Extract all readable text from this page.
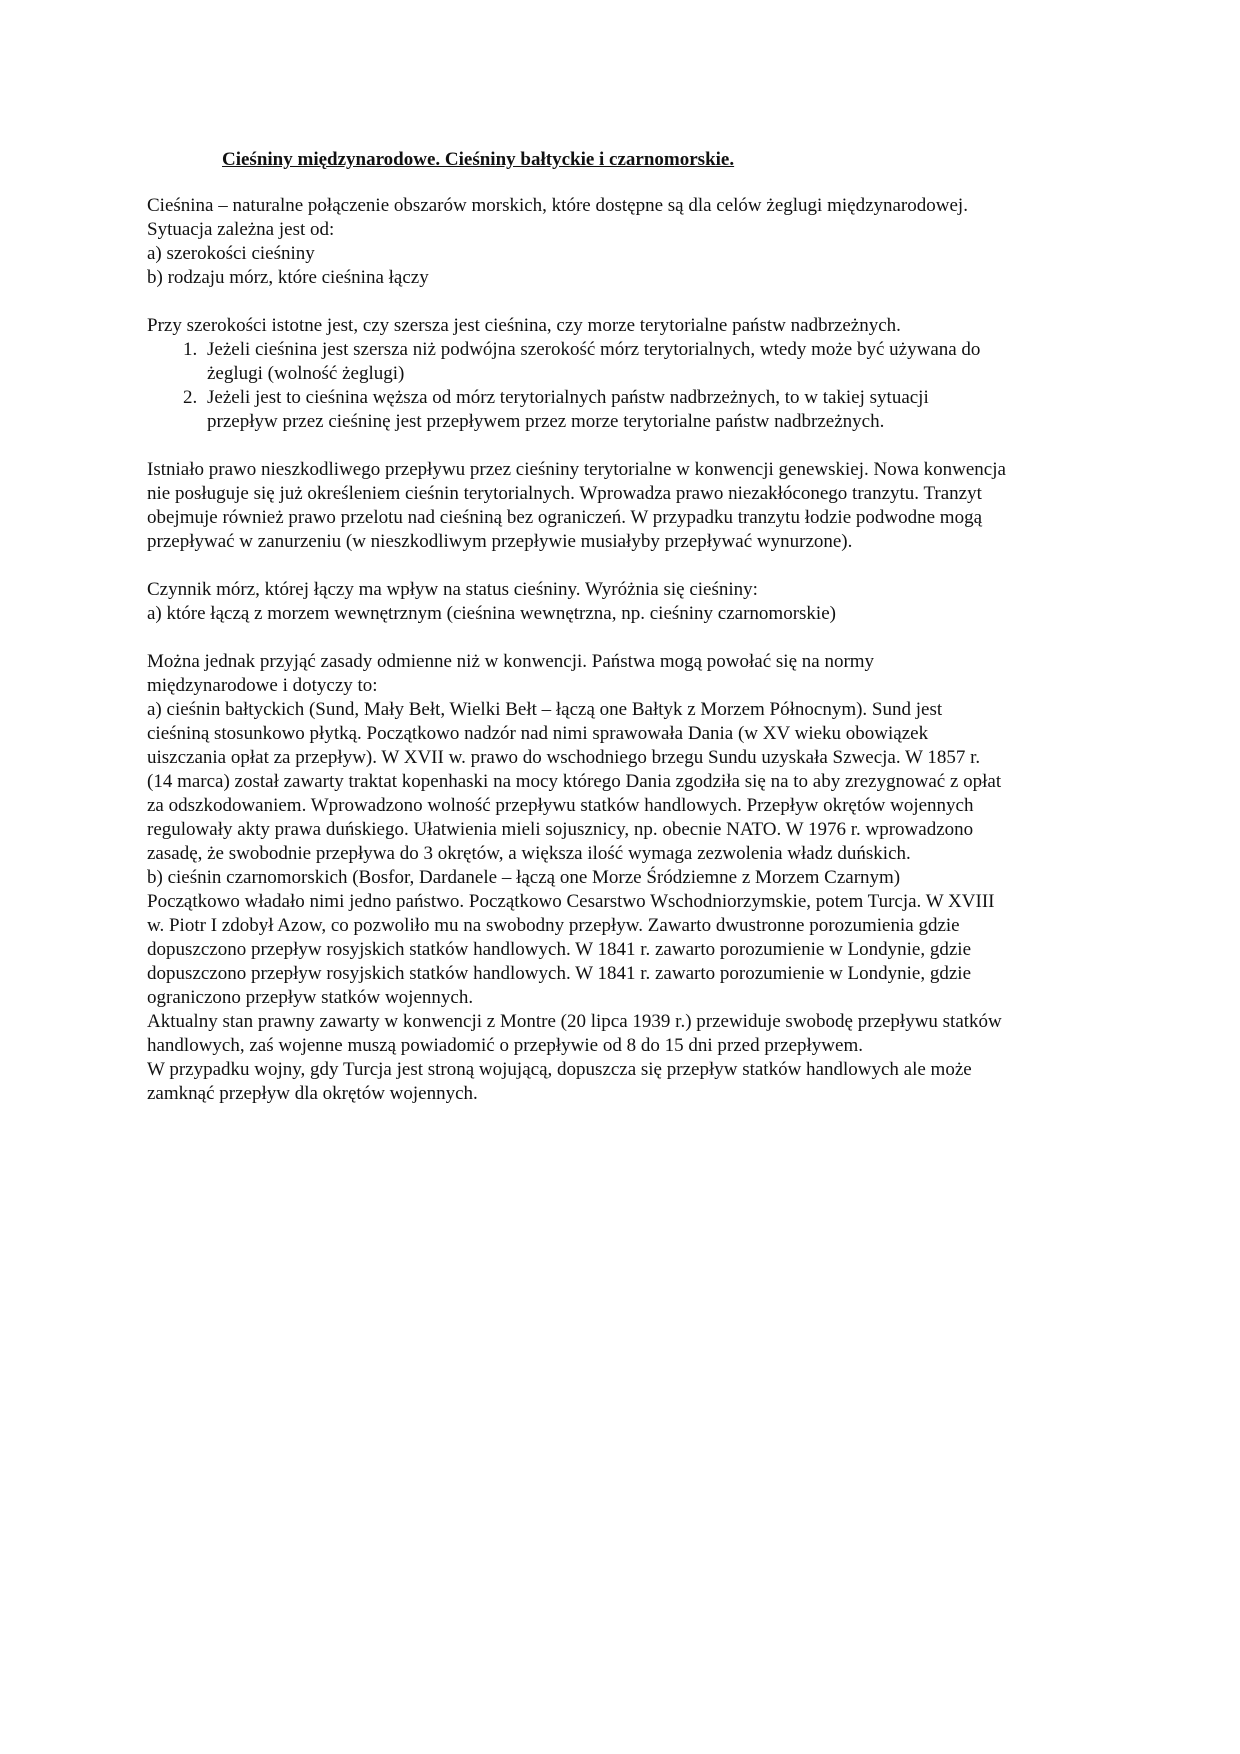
Cieśniny międzynarodowe. Cieśniny bałtyckie i czarnomorskie.
Cieśnina – naturalne połączenie obszarów morskich, które dostępne są dla celów żeglugi międzynarodowej.
Sytuacja zależna jest od:
a) szerokości cieśniny
b) rodzaju mórz, które cieśnina łączy
Przy szerokości istotne jest, czy szersza jest cieśnina, czy morze terytorialne państw nadbrzeżnych.
1. Jeżeli cieśnina jest szersza niż podwójna szerokość mórz terytorialnych, wtedy może być używana do
żeglugi (wolność żeglugi)
2. Jeżeli jest to cieśnina węższa od mórz terytorialnych państw nadbrzeżnych, to w takiej sytuacji
przepływ przez cieśninę jest przepływem przez morze terytorialne państw nadbrzeżnych.
Istniało prawo nieszkodliwego przepływu przez cieśniny terytorialne w konwencji genewskiej. Nowa konwencja
nie posługuje się już określeniem cieśnin terytorialnych. Wprowadza prawo niezakłóconego tranzytu. Tranzyt
obejmuje również prawo przelotu nad cieśniną bez ograniczeń. W przypadku tranzytu łodzie podwodne mogą
przepływać w zanurzeniu (w nieszkodliwym przepływie musiałyby przepływać wynurzone).
Czynnik mórz, której łączy ma wpływ na status cieśniny. Wyróżnia się cieśniny:
a) które łączą z morzem wewnętrznym (cieśnina wewnętrzna, np. cieśniny czarnomorskie)
Można jednak przyjąć zasady odmienne niż w konwencji. Państwa mogą powołać się na normy
międzynarodowe i dotyczy to:
a) cieśnin bałtyckich (Sund, Mały Bełt, Wielki Bełt – łączą one Bałtyk z Morzem Północnym). Sund jest
cieśniną stosunkowo płytką. Początkowo nadzór nad nimi sprawowała Dania (w XV wieku obowiązek
uiszczania opłat za przepływ). W XVII w. prawo do wschodniego brzegu Sundu uzyskała Szwecja. W 1857 r.
(14 marca) został zawarty traktat kopenhaski na mocy którego Dania zgodziła się na to aby zrezygnować z opłat
za odszkodowaniem. Wprowadzono wolność przepływu statków handlowych. Przepływ okrętów wojennych
regulowały akty prawa duńskiego. Ułatwienia mieli sojusznicy, np. obecnie NATO. W 1976 r. wprowadzono
zasadę, że swobodnie przepływa do 3 okrętów, a większa ilość wymaga zezwolenia władz duńskich.
b) cieśnin czarnomorskich (Bosfor, Dardanele – łączą one Morze Śródziemne z Morzem Czarnym)
Początkowo władało nimi jedno państwo. Początkowo Cesarstwo Wschodniorzymskie, potem Turcja. W XVIII
w. Piotr I zdobył Azow, co pozwoliło mu na swobodny przepływ. Zawarto dwustronne porozumienia gdzie
dopuszczono przepływ rosyjskich statków handlowych. W 1841 r. zawarto porozumienie w Londynie, gdzie
dopuszczono przepływ rosyjskich statków handlowych. W 1841 r. zawarto porozumienie w Londynie, gdzie
ograniczono przepływ statków wojennych.
Aktualny stan prawny zawarty w konwencji z Montre (20 lipca 1939 r.) przewiduje swobodę przepływu statków
handlowych, zaś wojenne muszą powiadomić o przepływie od 8 do 15 dni przed przepływem.
W przypadku wojny, gdy Turcja jest stroną wojującą, dopuszcza się przepływ statków handlowych ale może
zamknąć przepływ dla okrętów wojennych.
